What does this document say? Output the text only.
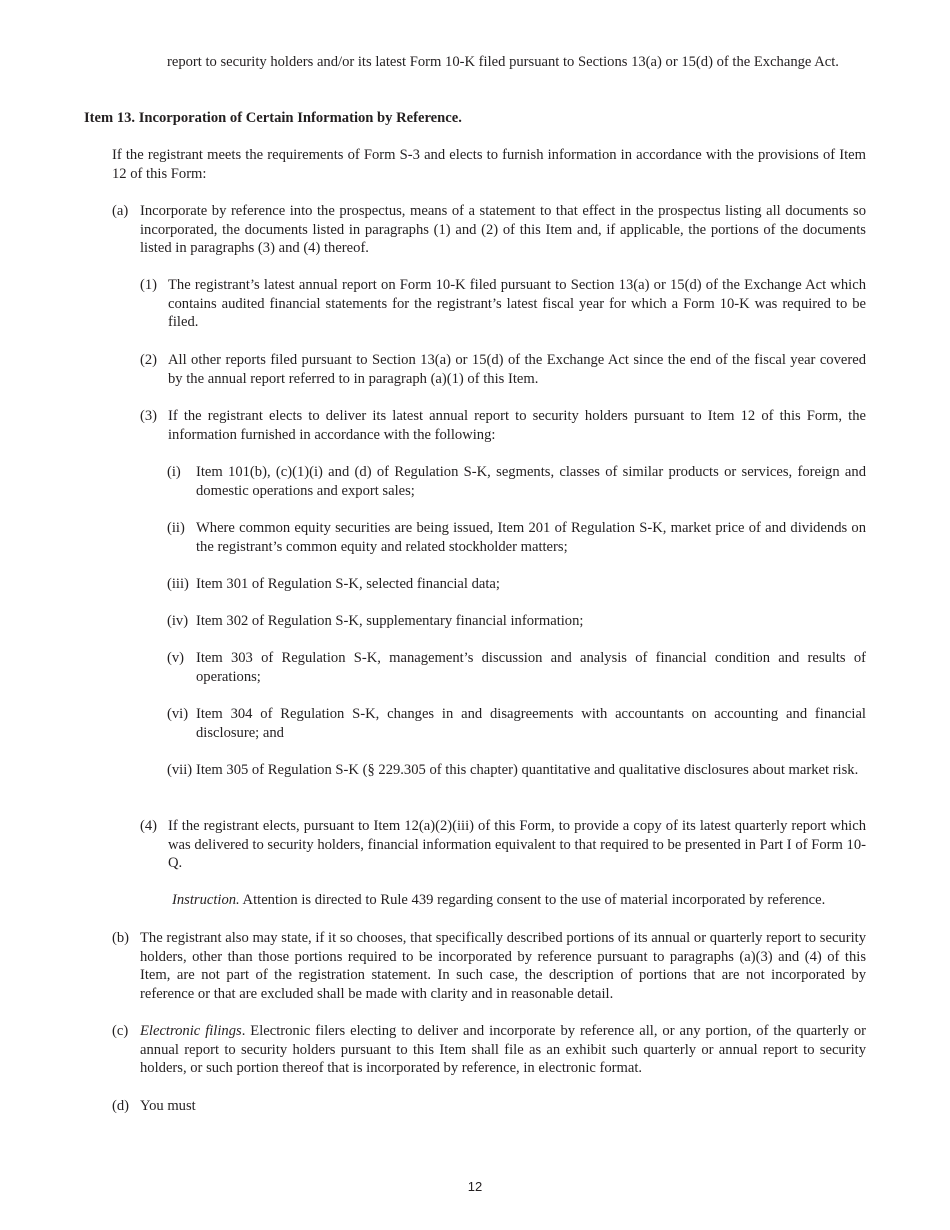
report to security holders and/or its latest Form 10-K filed pursuant to Sections 13(a) or 15(d) of the Exchange Act.

Item 13. Incorporation of Certain Information by Reference.

If the registrant meets the requirements of Form S-3 and elects to furnish information in accordance with the provisions of Item 12 of this Form:

(a) Incorporate by reference into the prospectus, means of a statement to that effect in the prospectus listing all documents so incorporated, the documents listed in paragraphs (1) and (2) of this Item and, if applicable, the portions of the documents listed in paragraphs (3) and (4) thereof.

(1) The registrant’s latest annual report on Form 10-K filed pursuant to Section 13(a) or 15(d) of the Exchange Act which contains audited financial statements for the registrant’s latest fiscal year for which a Form 10-K was required to be filed.

(2) All other reports filed pursuant to Section 13(a) or 15(d) of the Exchange Act since the end of the fiscal year covered by the annual report referred to in paragraph (a)(1) of this Item.

(3) If the registrant elects to deliver its latest annual report to security holders pursuant to Item 12 of this Form, the information furnished in accordance with the following:

(i) Item 101(b), (c)(1)(i) and (d) of Regulation S-K, segments, classes of similar products or services, foreign and domestic operations and export sales;

(ii) Where common equity securities are being issued, Item 201 of Regulation S-K, market price of and dividends on the registrant’s common equity and related stockholder matters;

(iii) Item 301 of Regulation S-K, selected financial data;

(iv) Item 302 of Regulation S-K, supplementary financial information;

(v) Item 303 of Regulation S-K, management’s discussion and analysis of financial condition and results of operations;

(vi) Item 304 of Regulation S-K, changes in and disagreements with accountants on accounting and financial disclosure; and

(vii) Item 305 of Regulation S-K (§ 229.305 of this chapter) quantitative and qualitative disclosures about market risk.

(4) If the registrant elects, pursuant to Item 12(a)(2)(iii) of this Form, to provide a copy of its latest quarterly report which was delivered to security holders, financial information equivalent to that required to be presented in Part I of Form 10-Q.

Instruction. Attention is directed to Rule 439 regarding consent to the use of material incorporated by reference.

(b) The registrant also may state, if it so chooses, that specifically described portions of its annual or quarterly report to security holders, other than those portions required to be incorporated by reference pursuant to paragraphs (a)(3) and (4) of this Item, are not part of the registration statement. In such case, the description of portions that are not incorporated by reference or that are excluded shall be made with clarity and in reasonable detail.

(c) Electronic filings. Electronic filers electing to deliver and incorporate by reference all, or any portion, of the quarterly or annual report to security holders pursuant to this Item shall file as an exhibit such quarterly or annual report to security holders, or such portion thereof that is incorporated by reference, in electronic format.

(d) You must

12
